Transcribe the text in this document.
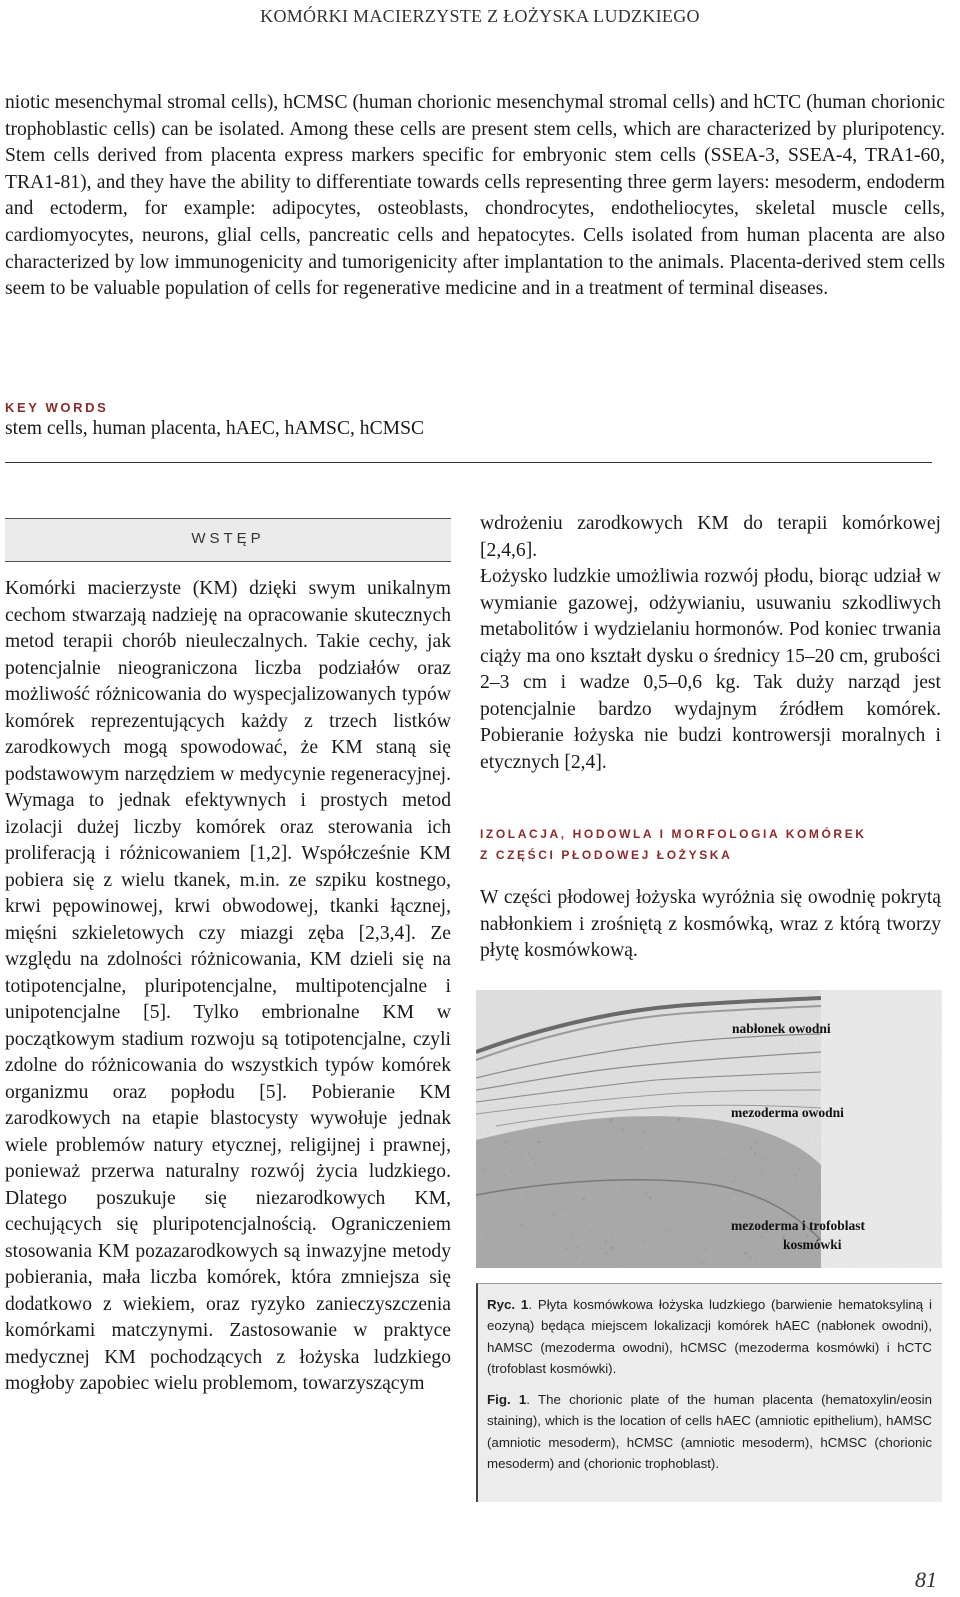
KOMÓRKI MACIERZYSTE Z ŁOŻYSKA LUDZKIEGO

niotic mesenchymal stromal cells), hCMSC (human chorionic mesenchymal stromal cells) and hCTC (human chorionic trophoblastic cells) can be isolated. Among these cells are present stem cells, which are characterized by pluripotency. Stem cells derived from placenta express markers specific for embryonic stem cells (SSEA-3, SSEA-4, TRA1-60, TRA1-81), and they have the ability to differentiate towards cells representing three germ layers: mesoderm, endoderm and ectoderm, for example: adipocytes, osteoblasts, chondrocytes, endotheliocytes, skeletal muscle cells, cardiomyocytes, neurons, glial cells, pancreatic cells and hepatocytes. Cells isolated from human placenta are also characterized by low immunogenicity and tumorigenicity after implantation to the animals. Placenta-derived stem cells seem to be valuable population of cells for regenerative medicine and in a treatment of terminal diseases.

KEY WORDS

stem cells, human placenta, hAEC, hAMSC, hCMSC

WSTĘP

Komórki macierzyste (KM) dzięki swym unikalnym cechom stwarzają nadzieję na opracowanie skutecznych metod terapii chorób nieuleczalnych. Takie cechy, jak potencjalnie nieograniczona liczba podziałów oraz możliwość różnicowania do wyspecjalizowanych typów komórek reprezentujących każdy z trzech listków zarodkowych mogą spowodować, że KM staną się podstawowym narzędziem w medycynie regeneracyjnej. Wymaga to jednak efektywnych i prostych metod izolacji dużej liczby komórek oraz sterowania ich proliferacją i różnicowaniem [1,2]. Współcześnie KM pobiera się z wielu tkanek, m.in. ze szpiku kostnego, krwi pępowinowej, krwi obwodowej, tkanki łącznej, mięśni szkieletowych czy miazgi zęba [2,3,4]. Ze względu na zdolności różnicowania, KM dzieli się na totipotencjalne, pluripotencjalne, multipotencjalne i unipotencjalne [5]. Tylko embrionalne KM w początkowym stadium rozwoju są totipotencjalne, czyli zdolne do różnicowania do wszystkich typów komórek organizmu oraz popłodu [5]. Pobieranie KM zarodkowych na etapie blastocysty wywołuje jednak wiele problemów natury etycznej, religijnej i prawnej, ponieważ przerwa naturalny rozwój życia ludzkiego. Dlatego poszukuje się niezarodkowych KM, cechujących się pluripotencjalnością. Ograniczeniem stosowania KM pozazarodkowych są inwazyjne metody pobierania, mała liczba komórek, która zmniejsza się dodatkowo z wiekiem, oraz ryzyko zanieczyszczenia komórkami matczynymi. Zastosowanie w praktyce medycznej KM pochodzących z łożyska ludzkiego mogłoby zapobiec wielu problemom, towarzyszącym

wdrożeniu zarodkowych KM do terapii komórkowej [2,4,6].

Łożysko ludzkie umożliwia rozwój płodu, biorąc udział w wymianie gazowej, odżywianiu, usuwaniu szkodliwych metabolitów i wydzielaniu hormonów. Pod koniec trwania ciąży ma ono kształt dysku o średnicy 15–20 cm, grubości 2–3 cm i wadze 0,5–0,6 kg. Tak duży narząd jest potencjalnie bardzo wydajnym źródłem komórek. Pobieranie łożyska nie budzi kontrowersji moralnych i etycznych [2,4].

IZOLACJA, HODOWLA I MORFOLOGIA KOMÓREK
Z CZĘŚCI PŁODOWEJ ŁOŻYSKA

W części płodowej łożyska wyróżnia się owodnię pokrytą nabłonkiem i zrośniętą z kosmówką, wraz z którą tworzy płytę kosmówkową.

nabłonek owodni
mezoderma owodni
mezoderma i trofoblast
kosmówki

Ryc. 1. Płyta kosmówkowa łożyska ludzkiego (barwienie hematoksyliną i eozyną) będąca miejscem lokalizacji komórek hAEC (nabłonek owodni), hAMSC (mezoderma owodni), hCMSC (mezoderma kosmówki) i hCTC (trofoblast kosmówki).

Fig. 1. The chorionic plate of the human placenta (hematoxylin/eosin staining), which is the location of cells hAEC (amniotic epithelium), hAMSC (amniotic mesoderm), hCMSC (amniotic mesoderm), hCMSC (chorionic mesoderm) and (chorionic trophoblast).

81
